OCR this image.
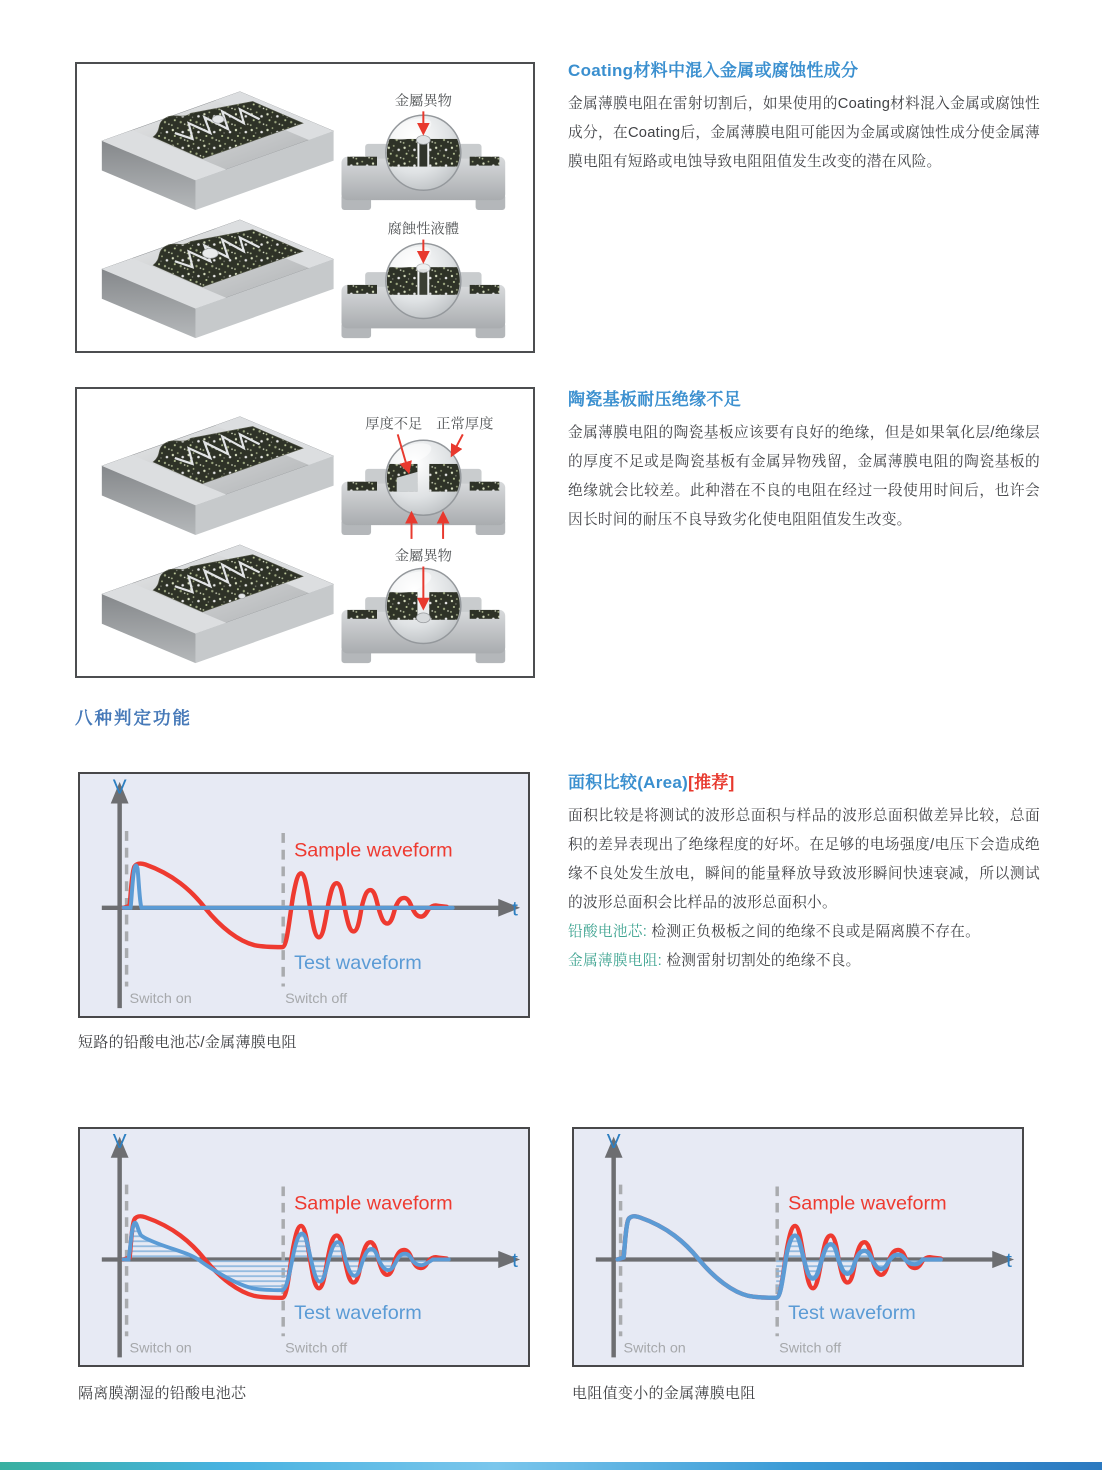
金屬異物
腐蝕性液體
Coating材料中混入金属或腐蚀性成分

金属薄膜电阻在雷射切割后，如果使用的Coating材料混入金属或腐蚀性成分，在Coating后，金属薄膜电阻可能因为金属或腐蚀性成分使金属薄膜电阻有短路或电蚀导致电阻阻值发生改变的潜在风险。

厚度不足 正常厚度
金屬異物
陶瓷基板耐压绝缘不足

金属薄膜电阻的陶瓷基板应该要有良好的绝缘，但是如果氧化层/绝缘层的厚度不足或是陶瓷基板有金属异物残留，金属薄膜电阻的陶瓷基板的绝缘就会比较差。此种潜在不良的电阻在经过一段使用时间后，也许会因长时间的耐压不良导致劣化使电阻阻值发生改变。

八种判定功能
V
t
Sample waveform
Test waveform
Switch on	Switch off
面积比较(Area)[推荐]

面积比较是将测试的波形总面积与样品的波形总面积做差异比较，总面积的差异表现出了绝缘程度的好坏。在足够的电场强度/电压下会造成绝缘不良处发生放电，瞬间的能量释放导致波形瞬间快速衰减，所以测试的波形总面积会比样品的波形总面积小。

铅酸电池芯: 检测正负极板之间的绝缘不良或是隔离膜不存在。
金属薄膜电阻: 检测雷射切割处的绝缘不良。
短路的铅酸电池芯/金属薄膜电阻
V
t
Sample waveform
Test waveform
Switch on	Switch off
V
t
Sample waveform
Test waveform
Switch on	Switch off
隔离膜潮湿的铅酸电池芯	电阻值变小的金属薄膜电阻
